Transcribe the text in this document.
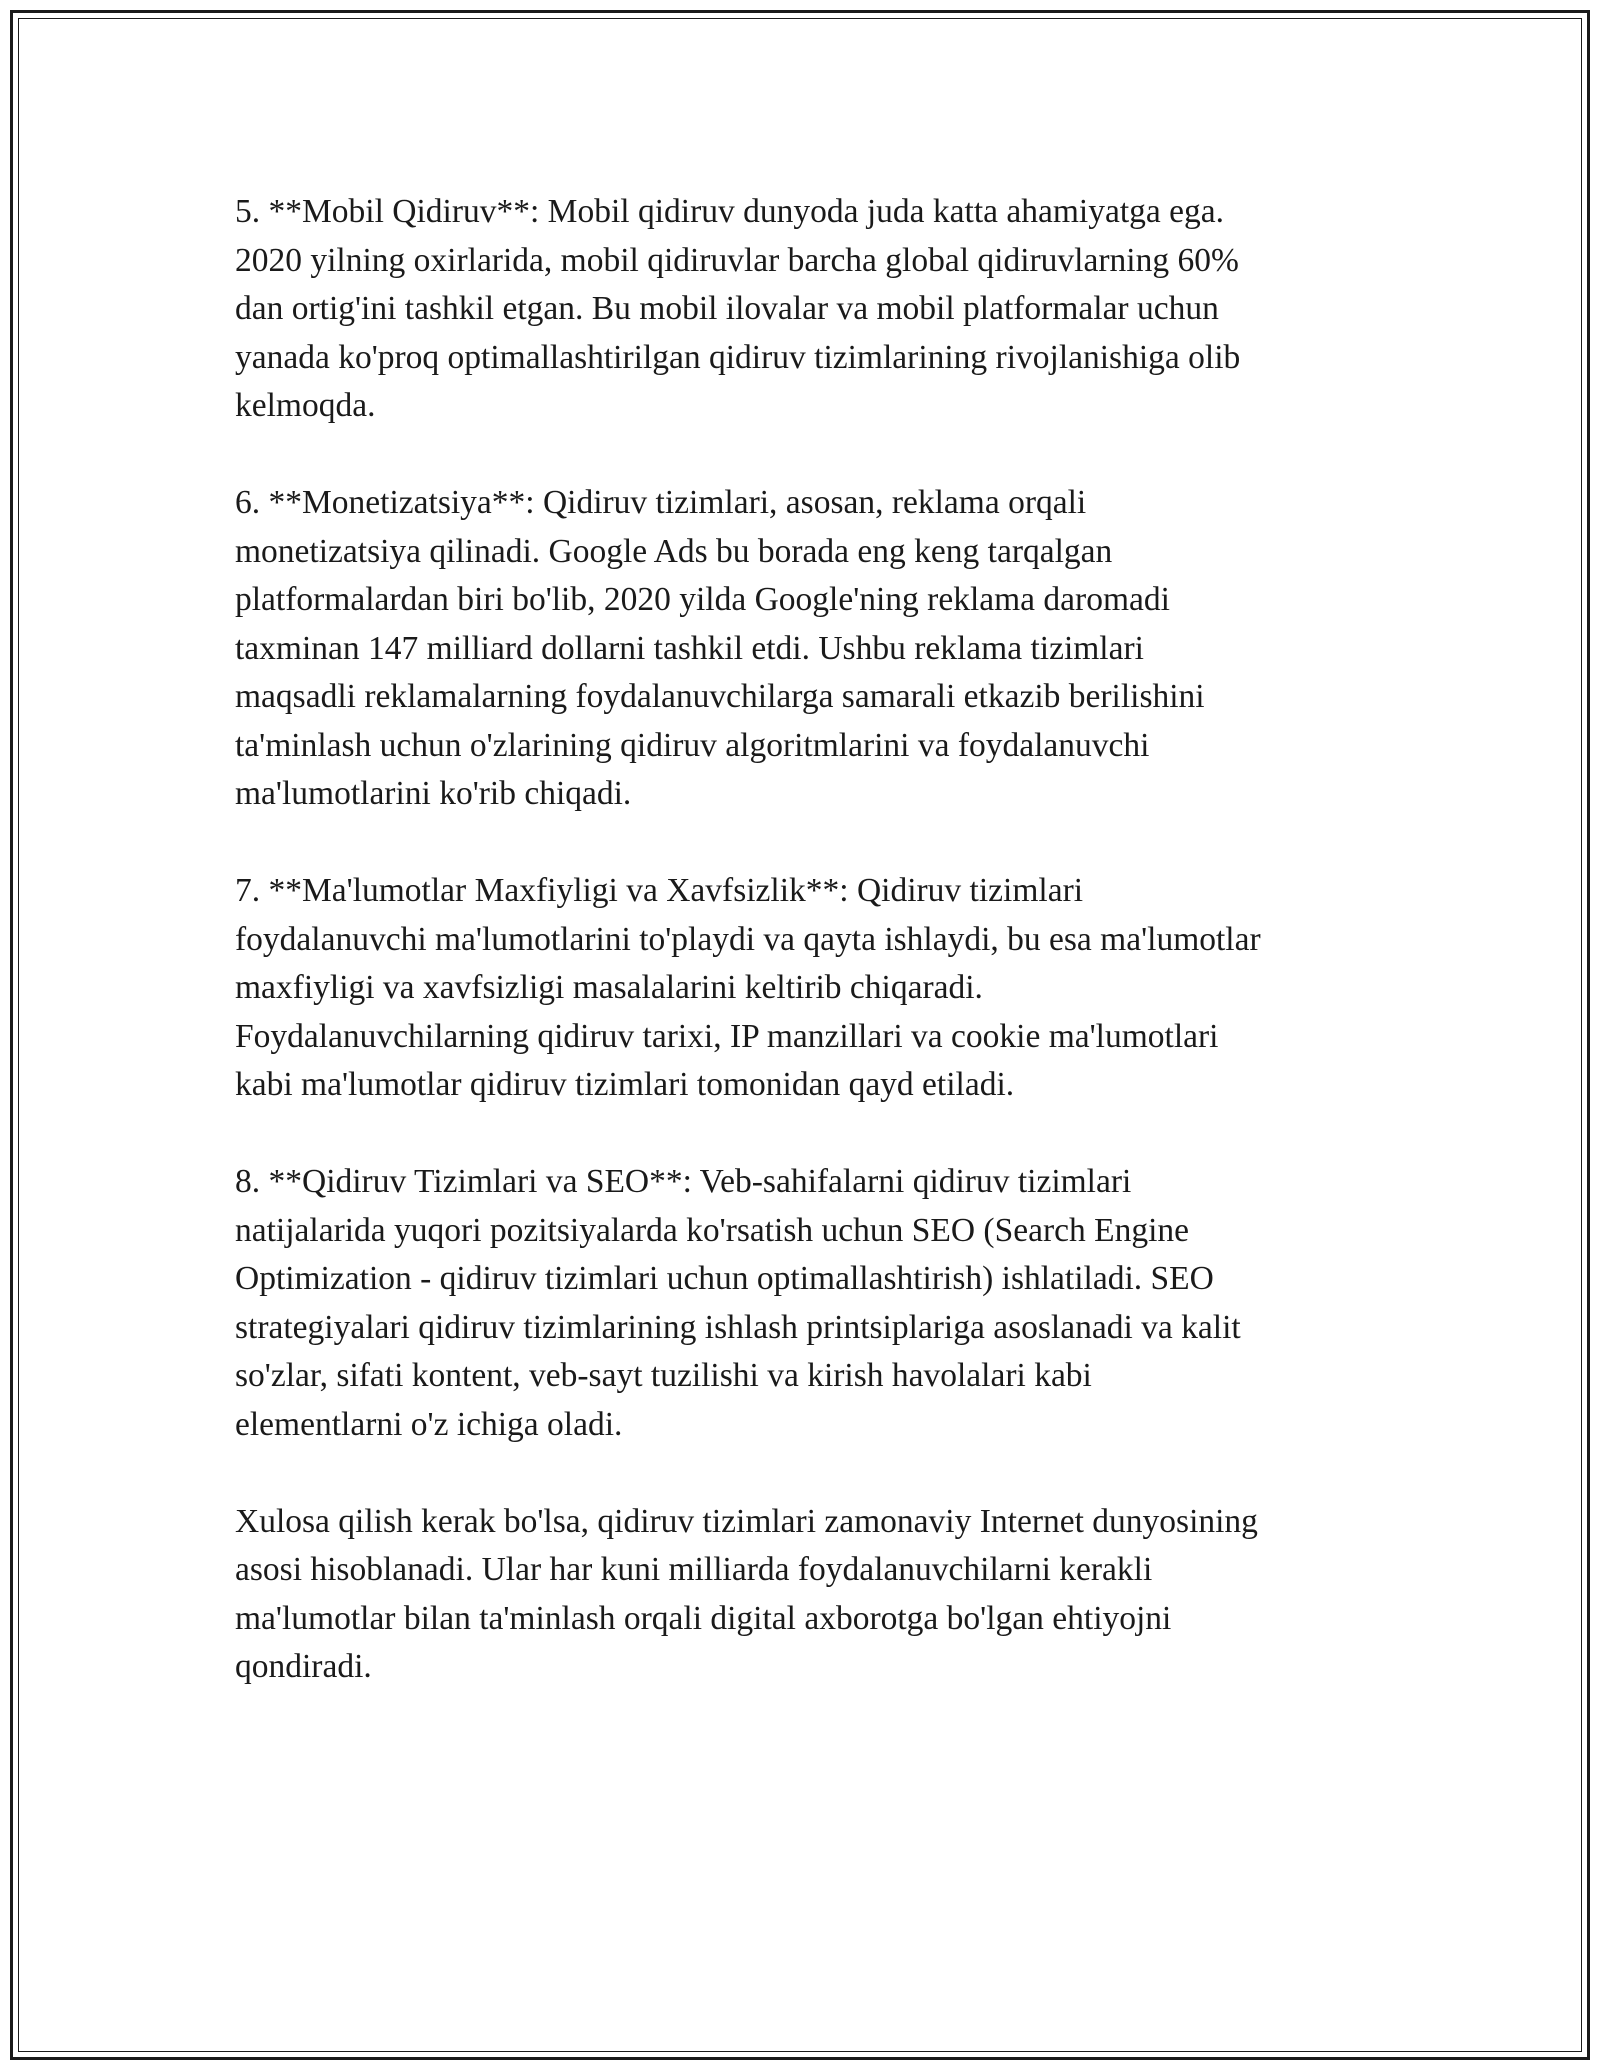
5. **Mobil Qidiruv**: Mobil qidiruv dunyoda juda katta ahamiyatga ega.
2020 yilning oxirlarida, mobil qidiruvlar barcha global qidiruvlarning 60%
dan ortig'ini tashkil etgan. Bu mobil ilovalar va mobil platformalar uchun
yanada ko'proq optimallashtirilgan qidiruv tizimlarining rivojlanishiga olib
kelmoqda.

6. **Monetizatsiya**: Qidiruv tizimlari, asosan, reklama orqali
monetizatsiya qilinadi. Google Ads bu borada eng keng tarqalgan
platformalardan biri bo'lib, 2020 yilda Google'ning reklama daromadi
taxminan 147 milliard dollarni tashkil etdi. Ushbu reklama tizimlari
maqsadli reklamalarning foydalanuvchilarga samarali etkazib berilishini
ta'minlash uchun o'zlarining qidiruv algoritmlarini va foydalanuvchi
ma'lumotlarini ko'rib chiqadi.

7. **Ma'lumotlar Maxfiyligi va Xavfsizlik**: Qidiruv tizimlari
foydalanuvchi ma'lumotlarini to'playdi va qayta ishlaydi, bu esa ma'lumotlar
maxfiyligi va xavfsizligi masalalarini keltirib chiqaradi.
Foydalanuvchilarning qidiruv tarixi, IP manzillari va cookie ma'lumotlari
kabi ma'lumotlar qidiruv tizimlari tomonidan qayd etiladi.

8. **Qidiruv Tizimlari va SEO**: Veb-sahifalarni qidiruv tizimlari
natijalarida yuqori pozitsiyalarda ko'rsatish uchun SEO (Search Engine
Optimization - qidiruv tizimlari uchun optimallashtirish) ishlatiladi. SEO
strategiyalari qidiruv tizimlarining ishlash printsiplariga asoslanadi va kalit
so'zlar, sifati kontent, veb-sayt tuzilishi va kirish havolalari kabi
elementlarni o'z ichiga oladi.

Xulosa qilish kerak bo'lsa, qidiruv tizimlari zamonaviy Internet dunyosining
asosi hisoblanadi. Ular har kuni milliarda foydalanuvchilarni kerakli
ma'lumotlar bilan ta'minlash orqali digital axborotga bo'lgan ehtiyojni
qondiradi.
